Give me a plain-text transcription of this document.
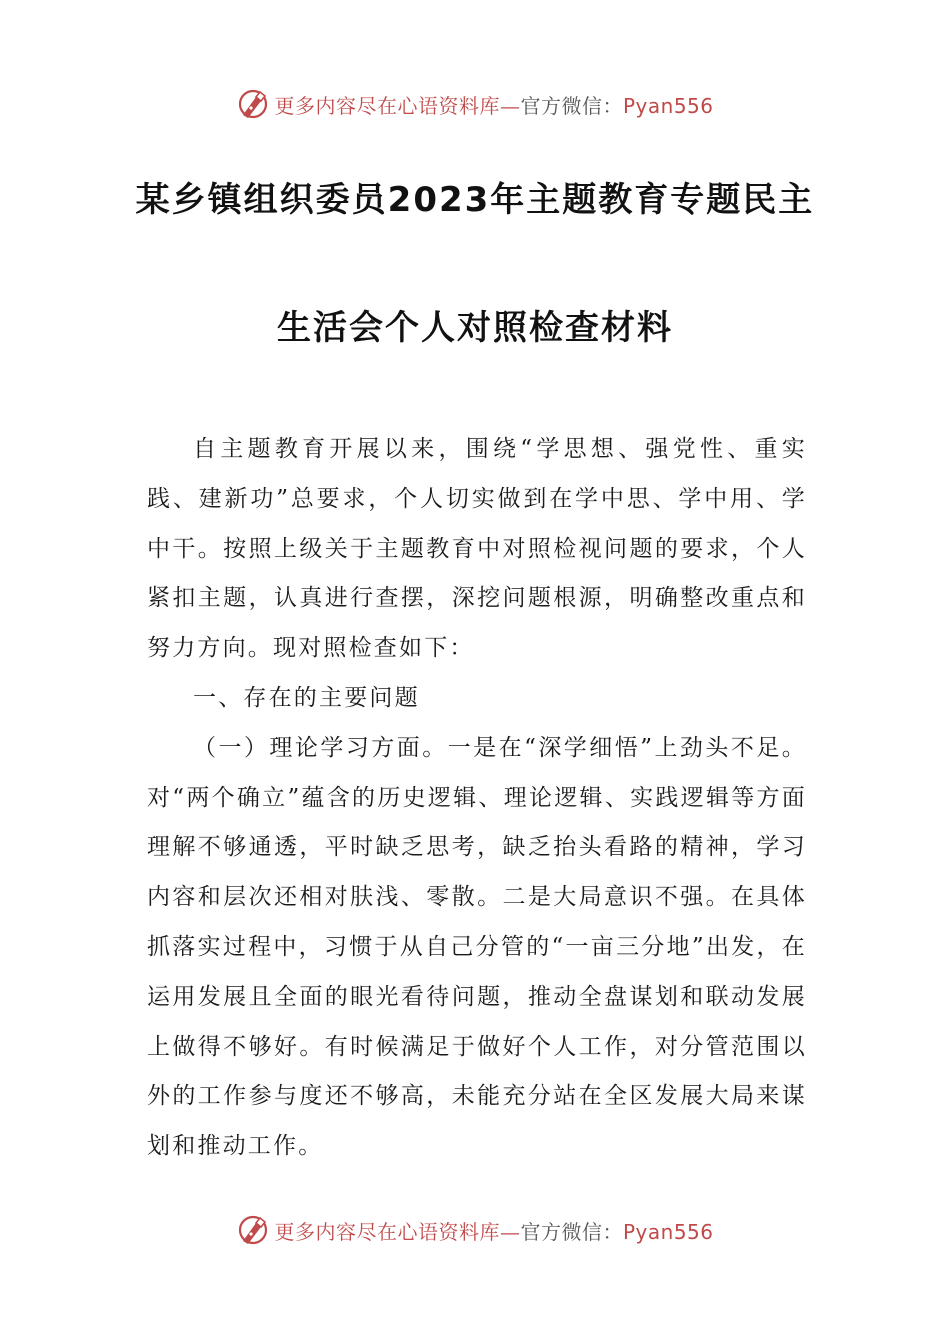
更多内容尽在心语资料库—官方微信：Pyan556
某乡镇组织委员2023年主题教育专题民主
生活会个人对照检查材料

自主题教育开展以来，围绕“学思想、强党性、重实践、建新功”总要求，个人切实做到在学中思、学中用、学中干。按照上级关于主题教育中对照检视问题的要求，个人紧扣主题，认真进行查摆，深挖问题根源，明确整改重点和努力方向。现对照检查如下：

一、存在的主要问题

（一）理论学习方面。一是在“深学细悟”上劲头不足。对“两个确立”蕴含的历史逻辑、理论逻辑、实践逻辑等方面理解不够通透，平时缺乏思考，缺乏抬头看路的精神，学习内容和层次还相对肤浅、零散。二是大局意识不强。在具体抓落实过程中，习惯于从自己分管的“一亩三分地”出发，在运用发展且全面的眼光看待问题，推动全盘谋划和联动发展上做得不够好。有时候满足于做好个人工作，对分管范围以外的工作参与度还不够高，未能充分站在全区发展大局来谋划和推动工作。

更多内容尽在心语资料库—官方微信：Pyan556
